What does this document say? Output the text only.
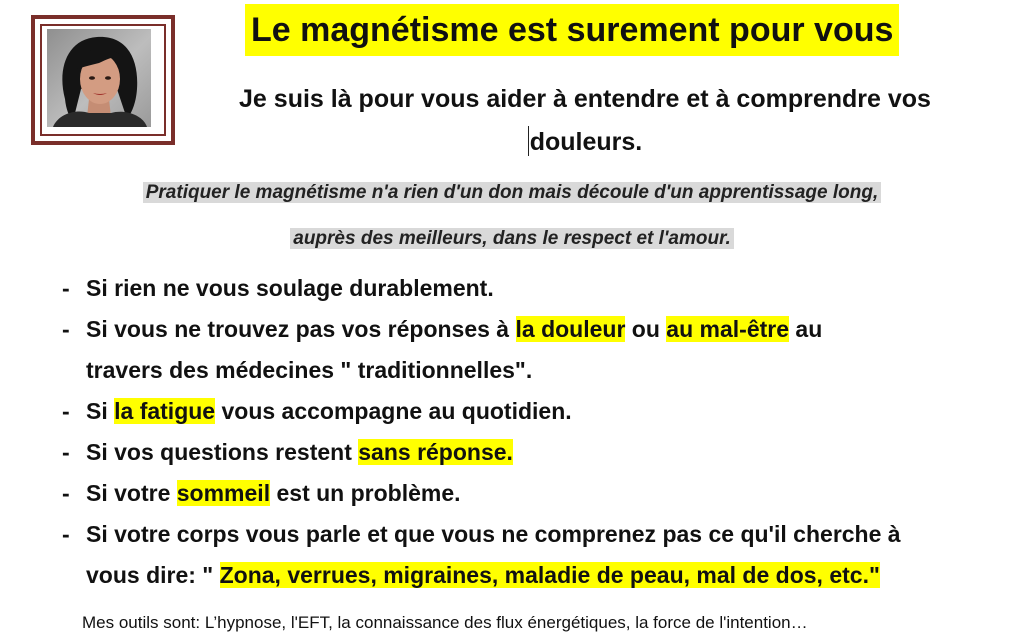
Le magnétisme est surement pour vous
Je suis là pour vous aider à entendre et à comprendre vos
douleurs.
Pratiquer le magnétisme n'a rien d'un don mais découle d'un apprentissage long,
auprès des meilleurs, dans le respect et l'amour.
- Si rien ne vous soulage durablement.
- Si vous ne trouvez pas vos réponses à la douleur ou au mal-être au
travers des médecines " traditionnelles".
- Si la fatigue vous accompagne au quotidien.
- Si vos questions restent sans réponse.
- Si votre sommeil est un problème.
- Si votre corps vous parle et que vous ne comprenez pas ce qu'il cherche à
vous dire: " Zona, verrues, migraines, maladie de peau, mal de dos, etc."
Mes outils sont: L’hypnose, l'EFT, la connaissance des flux énergétiques, la force de l'intention…
